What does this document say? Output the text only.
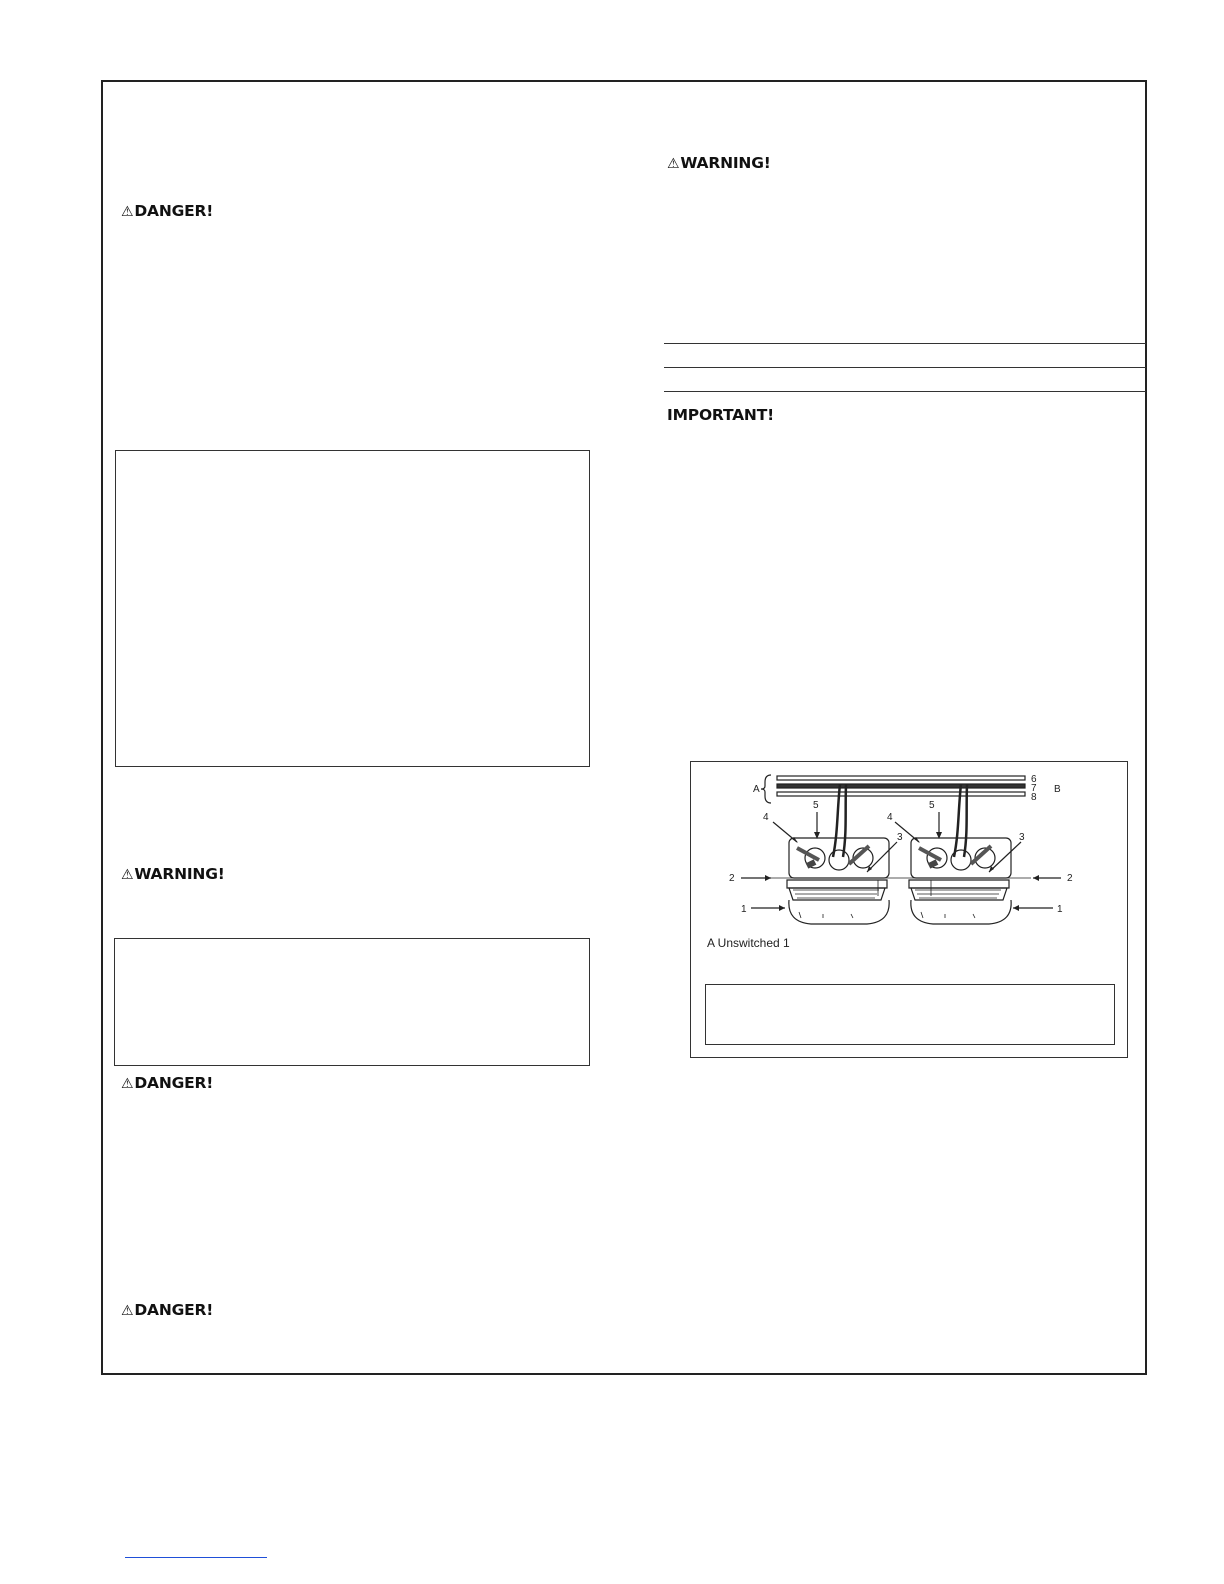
⚠DANGER!
⚠WARNING!
⚠DANGER!
⚠DANGER!
⚠WARNING!
IMPORTANT!
A	B
6
7
8
5	5
4	4
3	3
2	2
1	1
A Unswitched 1
